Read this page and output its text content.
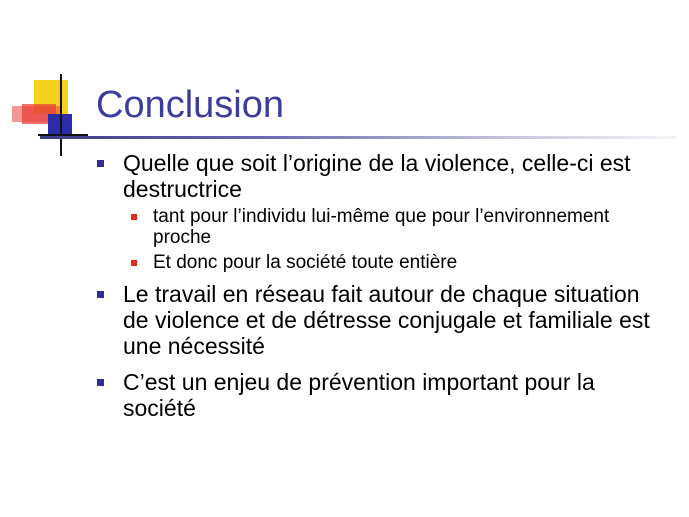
Conclusion
Quelle que soit l’origine de la violence, celle-ci est destructrice
tant pour l’individu lui-même que pour l’environnement proche
Et donc pour la société toute entière
Le travail en réseau fait autour de chaque situation de violence et de détresse conjugale et familiale est une nécessité
C’est un enjeu de prévention important pour la société
